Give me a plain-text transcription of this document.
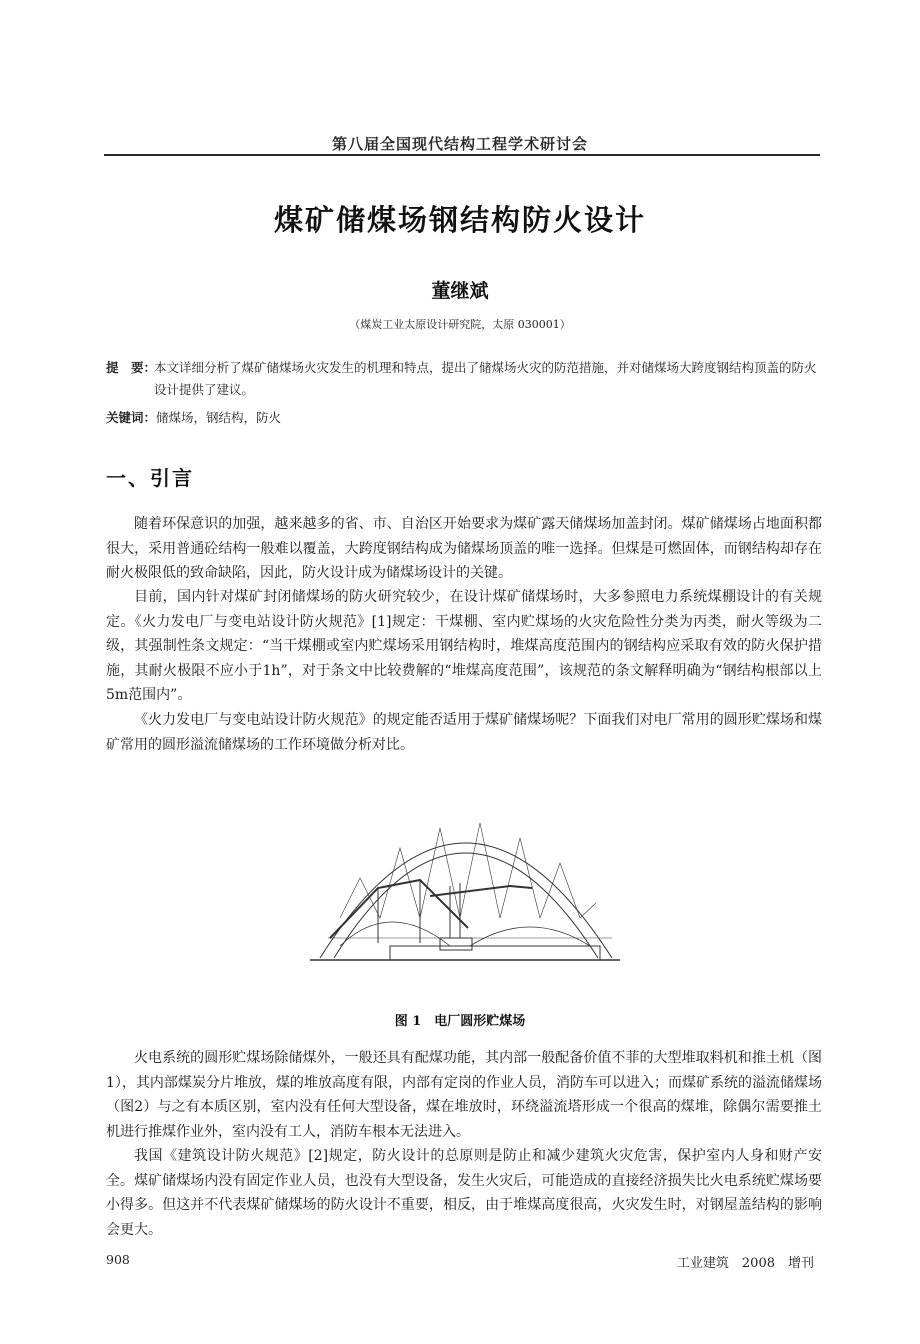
第八届全国现代结构工程学术研讨会
煤矿储煤场钢结构防火设计
董继斌
（煤炭工业太原设计研究院，太原 030001）
提　要：
本文详细分析了煤矿储煤场火灾发生的机理和特点，提出了储煤场火灾的防范措施，并对储煤场大跨度钢结构顶盖的防火设计提供了建议。
关键词：储煤场，钢结构，防火
一、引言

随着环保意识的加强，越来越多的省、市、自治区开始要求为煤矿露天储煤场加盖封闭。煤矿储煤场占地面积都很大，采用普通砼结构一般难以覆盖，大跨度钢结构成为储煤场顶盖的唯一选择。但煤是可燃固体，而钢结构却存在耐火极限低的致命缺陷，因此，防火设计成为储煤场设计的关键。

目前，国内针对煤矿封闭储煤场的防火研究较少，在设计煤矿储煤场时，大多参照电力系统煤棚设计的有关规定。《火力发电厂与变电站设计防火规范》[1]规定：干煤棚、室内贮煤场的火灾危险性分类为丙类，耐火等级为二级，其强制性条文规定：“当干煤棚或室内贮煤场采用钢结构时，堆煤高度范围内的钢结构应采取有效的防火保护措施，其耐火极限不应小于1h”，对于条文中比较费解的“堆煤高度范围”，该规范的条文解释明确为“钢结构根部以上5m范围内”。

《火力发电厂与变电站设计防火规范》的规定能否适用于煤矿储煤场呢？下面我们对电厂常用的圆形贮煤场和煤矿常用的圆形溢流储煤场的工作环境做分析对比。

图 1　电厂圆形贮煤场

火电系统的圆形贮煤场除储煤外，一般还具有配煤功能，其内部一般配备价值不菲的大型堆取料机和推土机（图1），其内部煤炭分片堆放，煤的堆放高度有限，内部有定岗的作业人员，消防车可以进入；而煤矿系统的溢流储煤场（图2）与之有本质区别，室内没有任何大型设备，煤在堆放时，环绕溢流塔形成一个很高的煤堆，除偶尔需要推土机进行推煤作业外，室内没有工人，消防车根本无法进入。

我国《建筑设计防火规范》[2]规定，防火设计的总原则是防止和减少建筑火灾危害，保护室内人身和财产安全。煤矿储煤场内没有固定作业人员，也没有大型设备，发生火灾后，可能造成的直接经济损失比火电系统贮煤场要小得多。但这并不代表煤矿储煤场的防火设计不重要，相反，由于堆煤高度很高，火灾发生时，对钢屋盖结构的影响会更大。

908	工业建筑　2008　增刊
